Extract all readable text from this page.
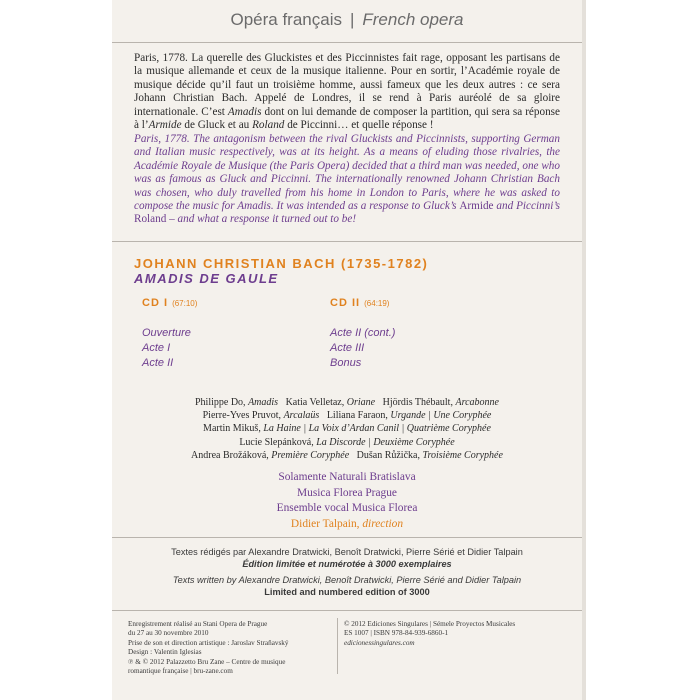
Opéra français | French opera
Paris, 1778. La querelle des Gluckistes et des Piccinnistes fait rage, opposant les partisans de la musique allemande et ceux de la musique italienne. Pour en sortir, l’Académie royale de musique décide qu’il faut un troisième homme, aussi fameux que les deux autres : ce sera Johann Christian Bach. Appelé de Londres, il se rend à Paris auréolé de sa gloire internationale. C’est Amadis dont on lui demande de composer la partition, qui sera sa réponse à l’Armide de Gluck et au Roland de Piccinni… et quelle réponse !
Paris, 1778. The antagonism between the rival Gluckists and Piccinnists, supporting German and Italian music respectively, was at its height. As a means of eluding those rivalries, the Académie Royale de Musique (the Paris Opera) decided that a third man was needed, one who was as famous as Gluck and Piccinni. The internationally renowned Johann Christian Bach was chosen, who duly travelled from his home in London to Paris, where he was asked to compose the music for Amadis. It was intended as a response to Gluck’s Armide and Piccinni’s Roland – and what a response it turned out to be!
JOHANN CHRISTIAN BACH (1735-1782)
AMADIS DE GAULE
CD I (67:10)
Ouverture
Acte I
Acte II
CD II (64:19)
Acte II (cont.)
Acte III
Bonus
Philippe Do, Amadis   Katia Velletaz, Oriane   Hjördis Thébault, Arcabonne
Pierre-Yves Pruvot, Arcalaüs   Liliana Faraon, Urgande | Une Coryphée
Martin Mikuš, La Haine | La Voix d’Ardan Canil | Quatrième Coryphée
Lucie Slepánková, La Discorde | Deuxième Coryphée
Andrea Brožáková, Première Coryphée   Dušan Růžička, Troisième Coryphée
Solamente Naturali Bratislava
Musica Florea Prague
Ensemble vocal Musica Florea
Didier Talpain, direction
Textes rédigés par Alexandre Dratwicki, Benoît Dratwicki, Pierre Sérié et Didier Talpain
Édition limitée et numérotée à 3000 exemplaires
Texts written by Alexandre Dratwicki, Benoît Dratwicki, Pierre Sérié and Didier Talpain
Limited and numbered edition of 3000
Enregistrement réalisé au Stani Opera de Prague
du 27 au 30 novembre 2010
Prise de son et direction artistique : Jaroslav Straňavský
Design : Valentin Iglesias
℗ & © 2012 Palazzetto Bru Zane – Centre de musique
romantique française | bru-zane.com
© 2012 Ediciones Singulares | Sémele Proyectos Musicales
ES 1007 | ISBN 978-84-939-6860-1
edicionessingulares.com
